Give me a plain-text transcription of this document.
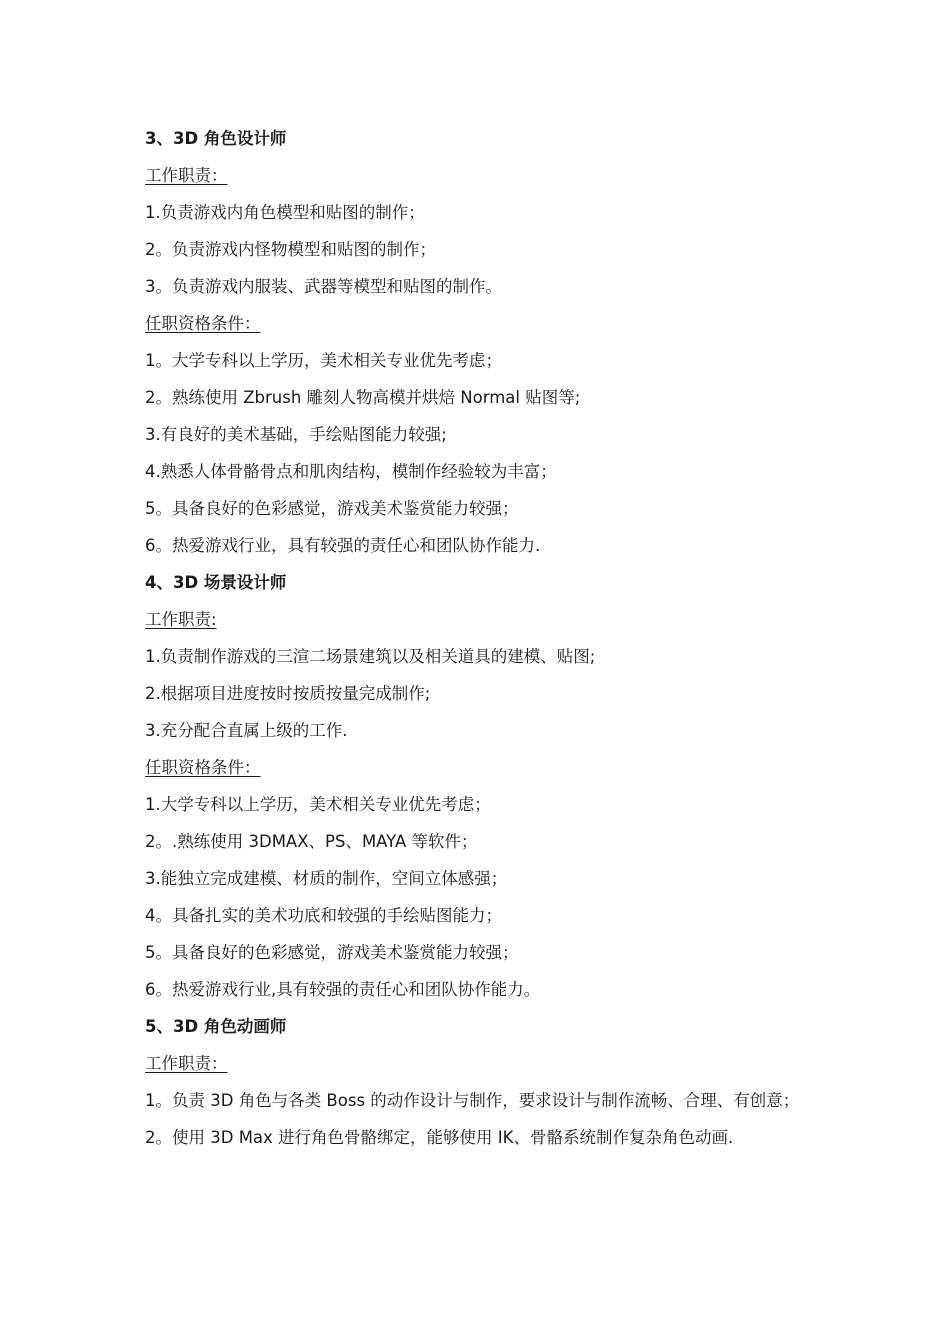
3、3D 角色设计师
工作职责：
1.负责游戏内角色模型和贴图的制作；
2。负责游戏内怪物模型和贴图的制作；
3。负责游戏内服装、武器等模型和贴图的制作。
任职资格条件：
1。大学专科以上学历，美术相关专业优先考虑；
2。熟练使用 Zbrush 雕刻人物高模并烘焙 Normal 贴图等;
3.有良好的美术基础，手绘贴图能力较强;
4.熟悉人体骨骼骨点和肌肉结构，模制作经验较为丰富；
5。具备良好的色彩感觉，游戏美术鉴赏能力较强；
6。热爱游戏行业，具有较强的责任心和团队协作能力.
4、3D 场景设计师
工作职责:
1.负责制作游戏的三渲二场景建筑以及相关道具的建模、贴图;
2.根据项目进度按时按质按量完成制作;
3.充分配合直属上级的工作.
任职资格条件：
1.大学专科以上学历，美术相关专业优先考虑；
2。.熟练使用 3DMAX、PS、MAYA 等软件；
3.能独立完成建模、材质的制作，空间立体感强；
4。具备扎实的美术功底和较强的手绘贴图能力；
5。具备良好的色彩感觉，游戏美术鉴赏能力较强；
6。热爱游戏行业,具有较强的责任心和团队协作能力。
5、3D 角色动画师
工作职责：
1。负责 3D 角色与各类 Boss 的动作设计与制作，要求设计与制作流畅、合理、有创意；
2。使用 3D Max 进行角色骨骼绑定，能够使用 IK、骨骼系统制作复杂角色动画.
